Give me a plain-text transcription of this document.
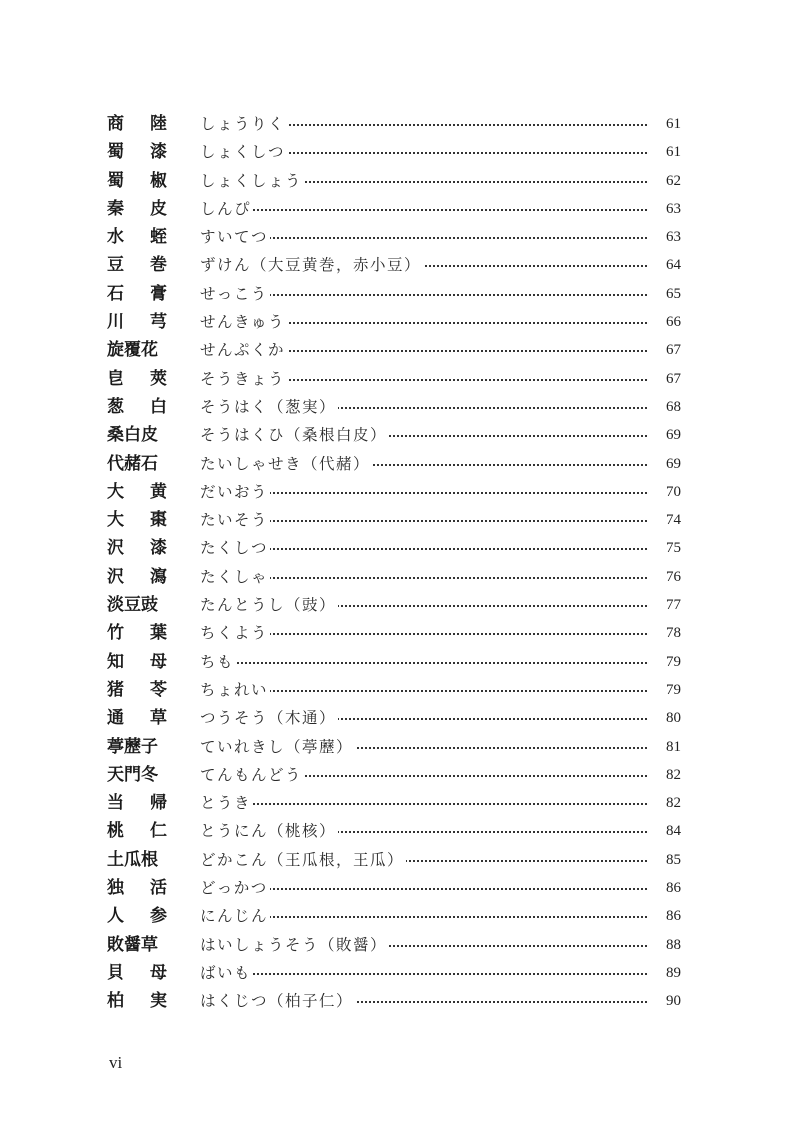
商 陸 しょうりく	61
蜀 漆 しょくしつ	61
蜀 椒 しょくしょう	62
秦 皮 しんぴ	63
水 蛭 すいてつ	63
豆 巻 ずけん（大豆黄巻，赤小豆）	64
石 膏 せっこう	65
川 芎 せんきゅう	66
旋覆花	せんぷくか	67
皀 莢 そうきょう	67
葱 白 そうはく（葱実）	68
桑白皮	そうはくひ（桑根白皮）	69
代赭石	たいしゃせき（代赭）	69
大 黄 だいおう	70
大 棗 たいそう	74
沢 漆 たくしつ	75
沢 瀉 たくしゃ	76
淡豆豉	たんとうし（豉）	77
竹 葉 ちくよう	78
知 母 ちも	79
猪 苓 ちょれい	79
通 草 つうそう（木通）	80
葶藶子	ていれきし（葶藶）	81
天門冬	てんもんどう	82
当 帰 とうき	82
桃 仁 とうにん（桃核）	84
土瓜根	どかこん（王瓜根，王瓜）	85
独 活 どっかつ	86
人 参 にんじん	86
敗醤草	はいしょうそう（敗醤）	88
貝 母 ばいも	89
柏 実 はくじつ（柏子仁）	90
vi
